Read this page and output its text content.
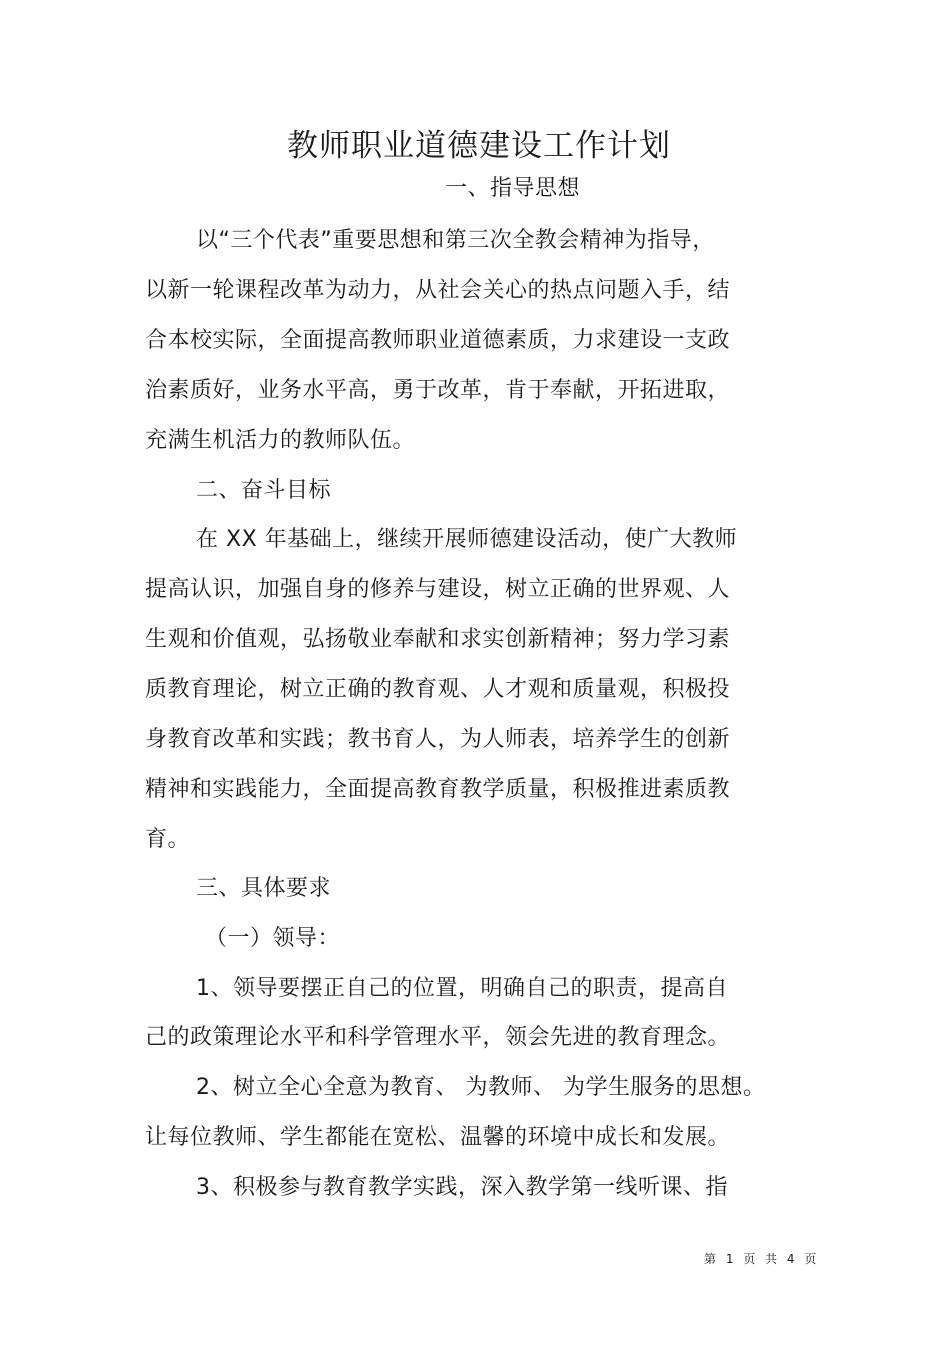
教师职业道德建设工作计划
一、指导思想
以“三个代表”重要思想和第三次全教会精神为指导，
以新一轮课程改革为动力，从社会关心的热点问题入手，结
合本校实际，全面提高教师职业道德素质，力求建设一支政
治素质好，业务水平高，勇于改革，肯于奉献，开拓进取，
充满生机活力的教师队伍。
二、奋斗目标
在 XX 年基础上，继续开展师德建设活动，使广大教师
提高认识，加强自身的修养与建设，树立正确的世界观、人
生观和价值观，弘扬敬业奉献和求实创新精神；努力学习素
质教育理论，树立正确的教育观、人才观和质量观，积极投
身教育改革和实践；教书育人，为人师表，培养学生的创新
精神和实践能力，全面提高教育教学质量，积极推进素质教
育。
三、具体要求
（一）领导：
1、领导要摆正自己的位置，明确自己的职责，提高自
己的政策理论水平和科学管理水平，领会先进的教育理念。
2、树立全心全意为教育、 为教师、 为学生服务的思想。
让每位教师、学生都能在宽松、温馨的环境中成长和发展。
3、积极参与教育教学实践，深入教学第一线听课、指
第 1 页 共 4 页
